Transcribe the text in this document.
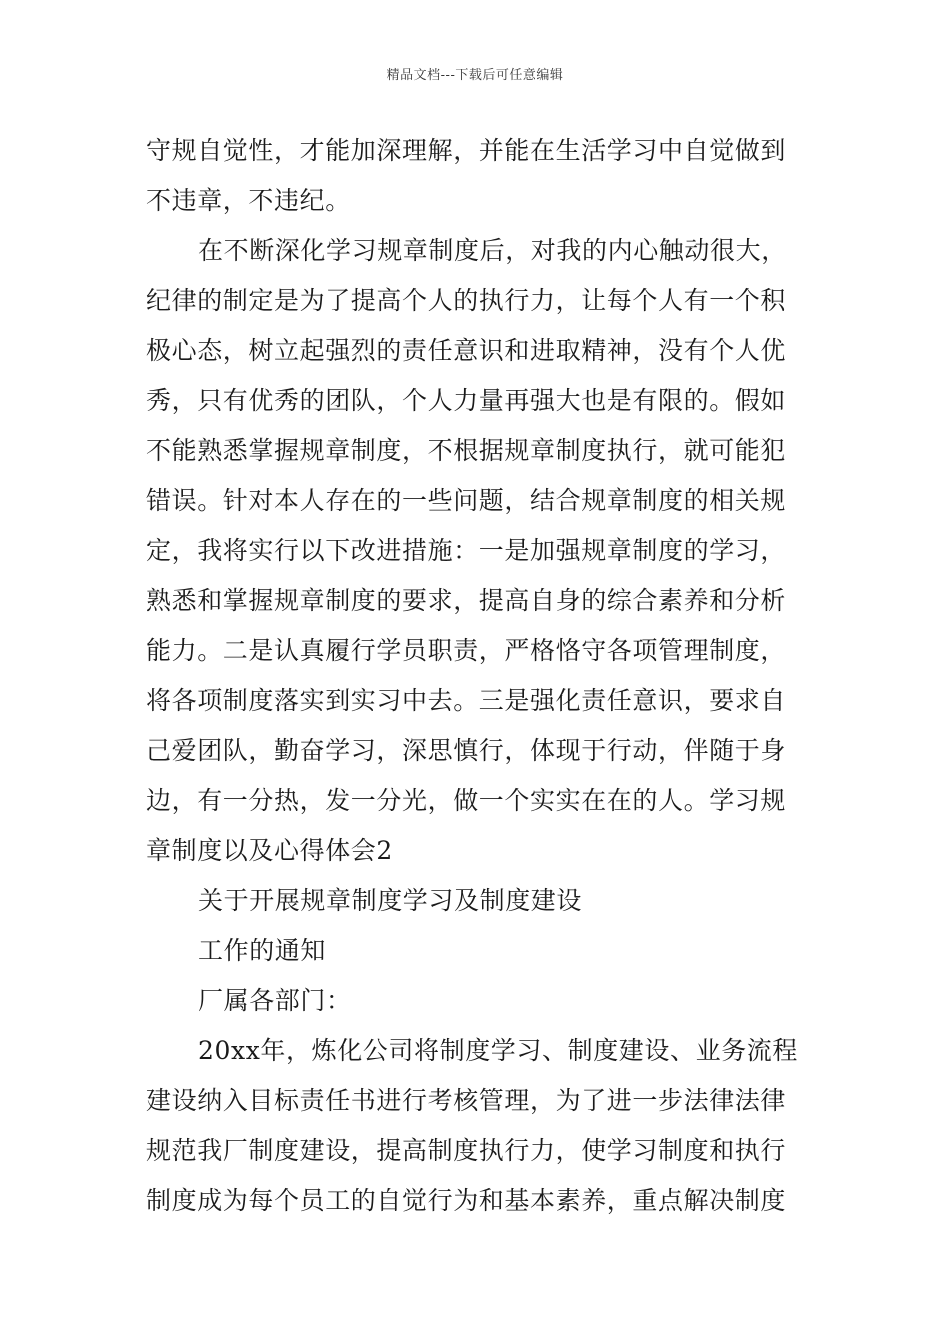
精品文档---下载后可任意编辑
守规自觉性，才能加深理解，并能在生活学习中自觉做到
不违章，不违纪。
在不断深化学习规章制度后，对我的内心触动很大，
纪律的制定是为了提高个人的执行力，让每个人有一个积
极心态，树立起强烈的责任意识和进取精神，没有个人优
秀，只有优秀的团队，个人力量再强大也是有限的。假如
不能熟悉掌握规章制度，不根据规章制度执行，就可能犯
错误。针对本人存在的一些问题，结合规章制度的相关规
定，我将实行以下改进措施：一是加强规章制度的学习，
熟悉和掌握规章制度的要求，提高自身的综合素养和分析
能力。二是认真履行学员职责，严格恪守各项管理制度，
将各项制度落实到实习中去。三是强化责任意识，要求自
己爱团队，勤奋学习，深思慎行，体现于行动，伴随于身
边，有一分热，发一分光，做一个实实在在的人。学习规
章制度以及心得体会2
关于开展规章制度学习及制度建设
工作的通知
厂属各部门：
20xx年，炼化公司将制度学习、制度建设、业务流程
建设纳入目标责任书进行考核管理，为了进一步法律法律
规范我厂制度建设，提高制度执行力，使学习制度和执行
制度成为每个员工的自觉行为和基本素养，重点解决制度
